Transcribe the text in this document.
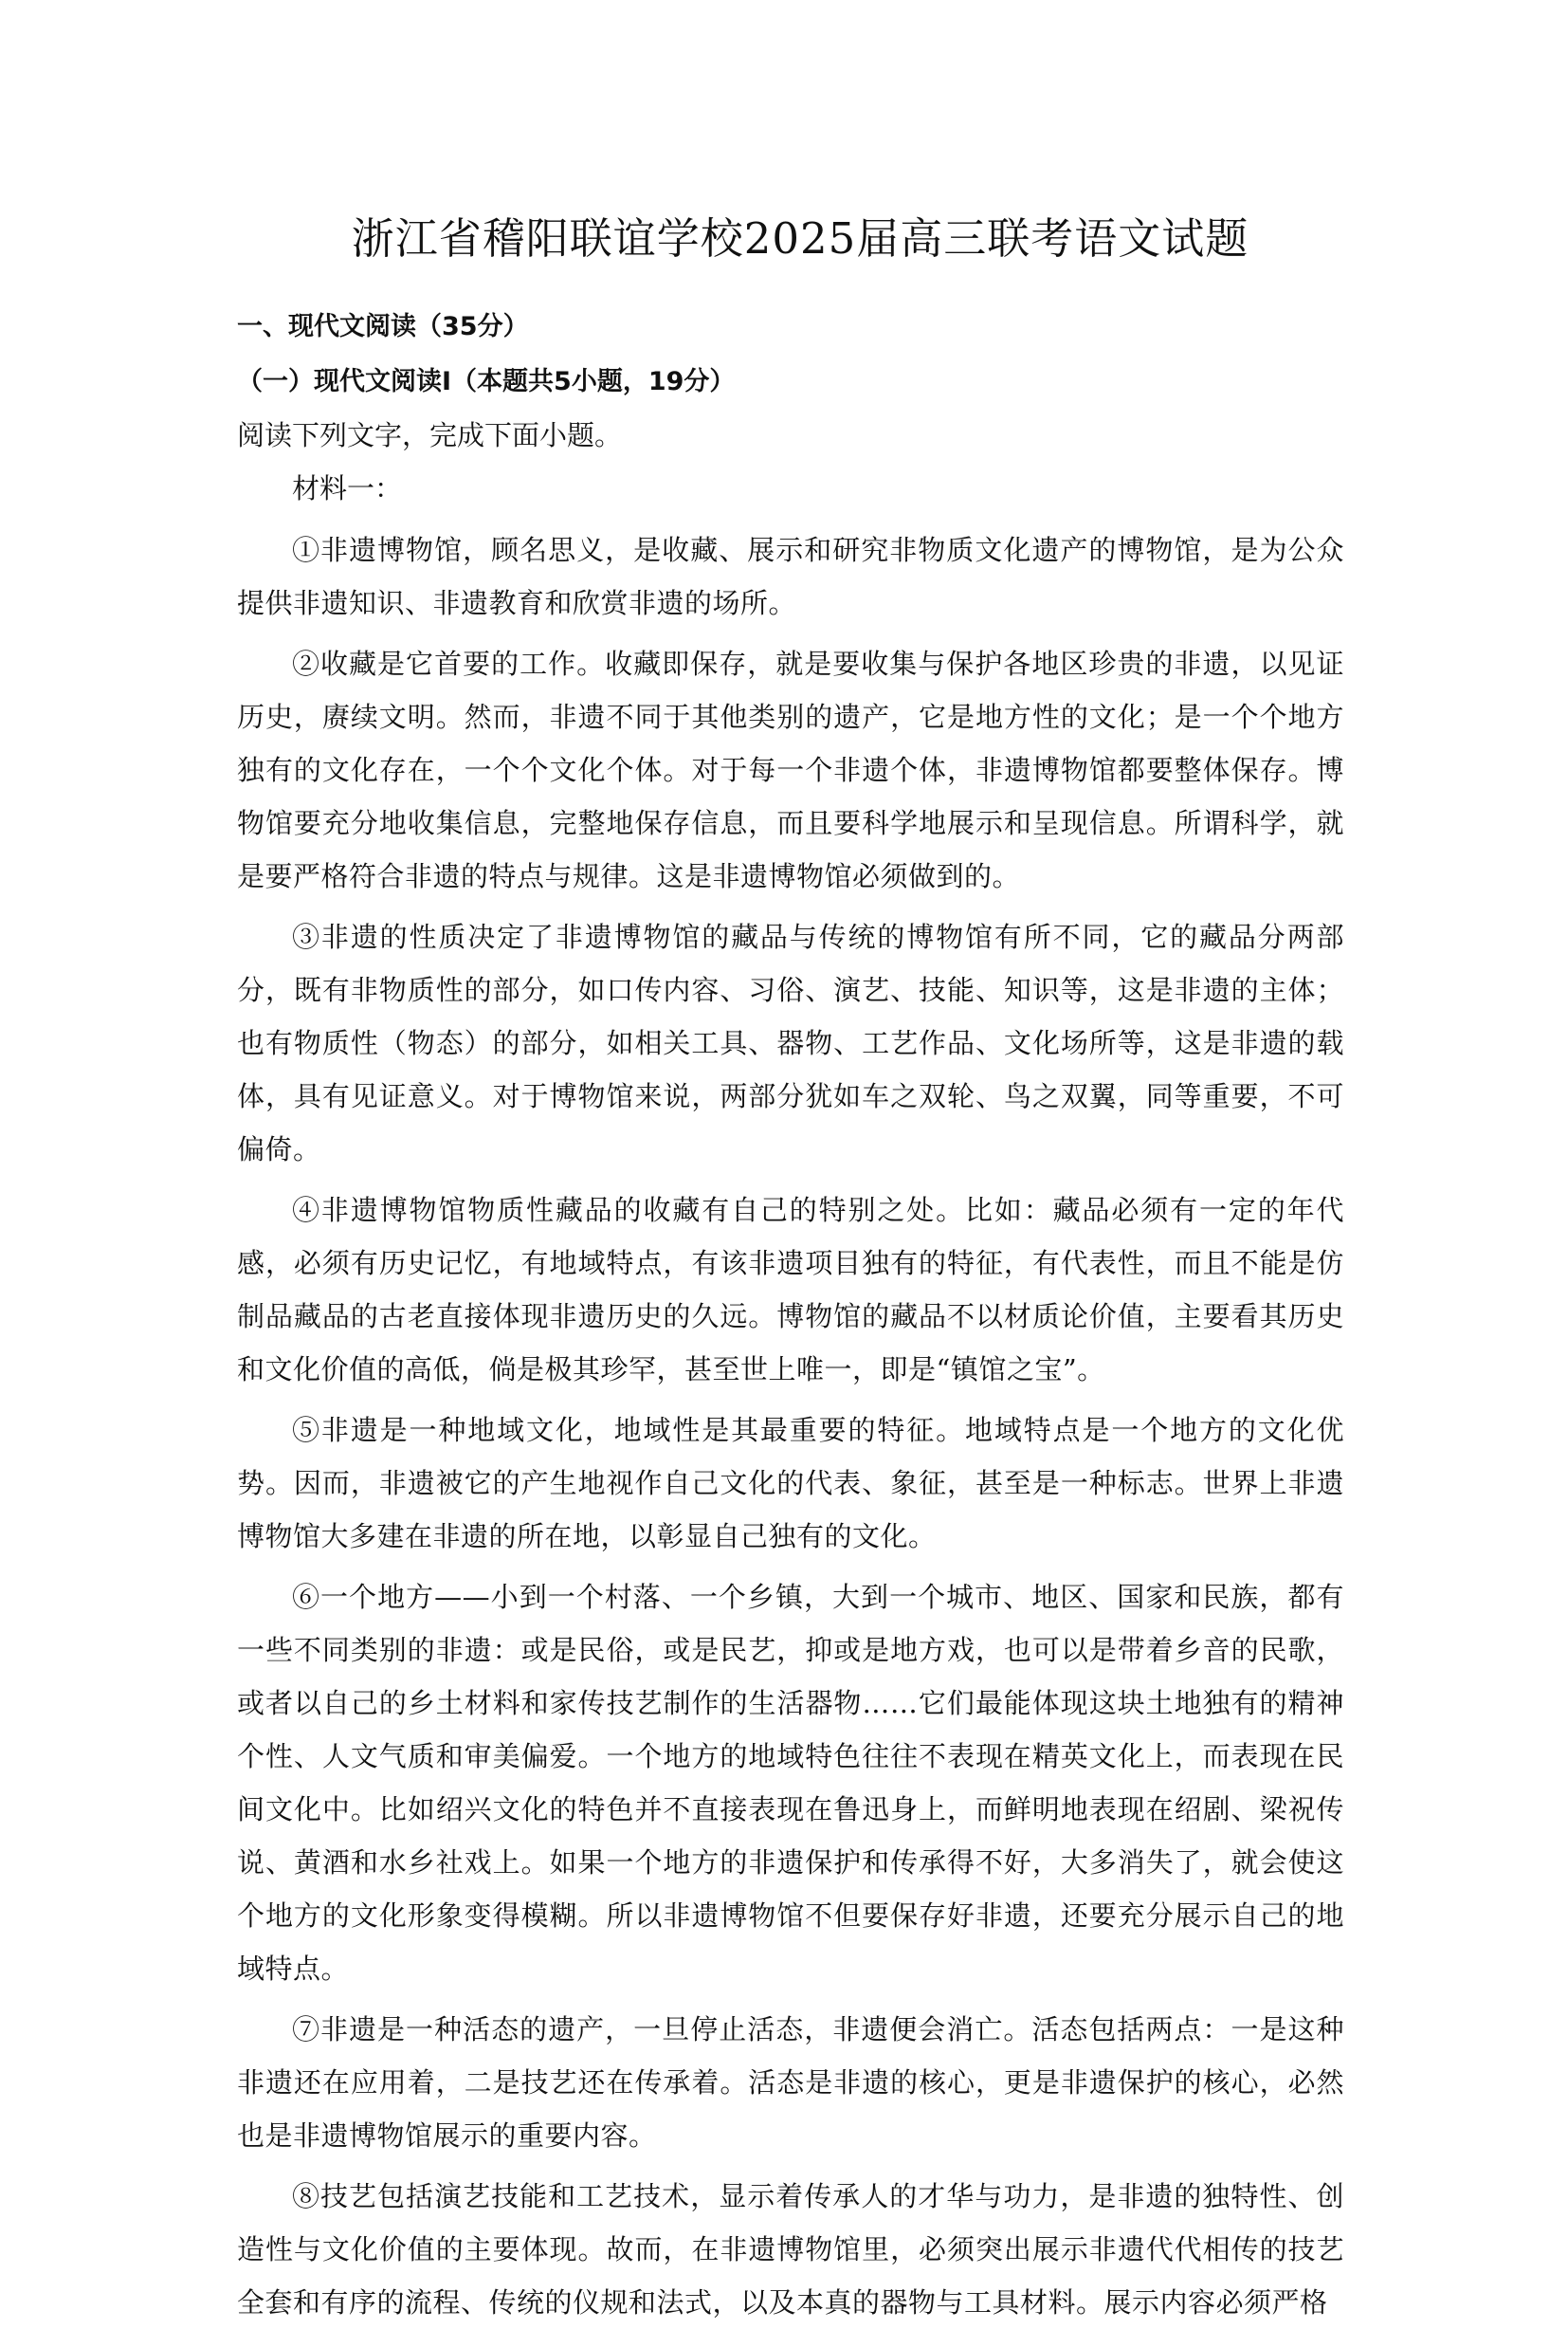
浙江省稽阳联谊学校2025届高三联考语文试题
一、现代文阅读（35分）
（一）现代文阅读Ⅰ（本题共5小题，19分）
阅读下列文字，完成下面小题。
材料一：

①非遗博物馆，顾名思义，是收藏、展示和研究非物质文化遗产的博物馆，是为公众提供非遗知识、非遗教育和欣赏非遗的场所。

②收藏是它首要的工作。收藏即保存，就是要收集与保护各地区珍贵的非遗，以见证历史，赓续文明。然而，非遗不同于其他类别的遗产，它是地方性的文化；是一个个地方独有的文化存在，一个个文化个体。对于每一个非遗个体，非遗博物馆都要整体保存。博物馆要充分地收集信息，完整地保存信息，而且要科学地展示和呈现信息。所谓科学，就是要严格符合非遗的特点与规律。这是非遗博物馆必须做到的。

③非遗的性质决定了非遗博物馆的藏品与传统的博物馆有所不同，它的藏品分两部分，既有非物质性的部分，如口传内容、习俗、演艺、技能、知识等，这是非遗的主体；也有物质性（物态）的部分，如相关工具、器物、工艺作品、文化场所等，这是非遗的载体，具有见证意义。对于博物馆来说，两部分犹如车之双轮、鸟之双翼，同等重要，不可偏倚。

④非遗博物馆物质性藏品的收藏有自己的特别之处。比如：藏品必须有一定的年代感，必须有历史记忆，有地域特点，有该非遗项目独有的特征，有代表性，而且不能是仿制品藏品的古老直接体现非遗历史的久远。博物馆的藏品不以材质论价值，主要看其历史和文化价值的高低，倘是极其珍罕，甚至世上唯一，即是“镇馆之宝”。

⑤非遗是一种地域文化，地域性是其最重要的特征。地域特点是一个地方的文化优势。因而，非遗被它的产生地视作自己文化的代表、象征，甚至是一种标志。世界上非遗博物馆大多建在非遗的所在地，以彰显自己独有的文化。

⑥一个地方——小到一个村落、一个乡镇，大到一个城市、地区、国家和民族，都有一些不同类别的非遗：或是民俗，或是民艺，抑或是地方戏，也可以是带着乡音的民歌，或者以自己的乡土材料和家传技艺制作的生活器物……它们最能体现这块土地独有的精神个性、人文气质和审美偏爱。一个地方的地域特色往往不表现在精英文化上，而表现在民间文化中。比如绍兴文化的特色并不直接表现在鲁迅身上，而鲜明地表现在绍剧、梁祝传说、黄酒和水乡社戏上。如果一个地方的非遗保护和传承得不好，大多消失了，就会使这个地方的文化形象变得模糊。所以非遗博物馆不但要保存好非遗，还要充分展示自己的地域特点。

⑦非遗是一种活态的遗产，一旦停止活态，非遗便会消亡。活态包括两点：一是这种非遗还在应用着，二是技艺还在传承着。活态是非遗的核心，更是非遗保护的核心，必然也是非遗博物馆展示的重要内容。

⑧技艺包括演艺技能和工艺技术，显示着传承人的才华与功力，是非遗的独特性、创造性与文化价值的主要体现。故而，在非遗博物馆里，必须突出展示非遗代代相传的技艺全套和有序的流程、传统的仪规和法式，以及本真的器物与工具材料。展示内容必须严格
